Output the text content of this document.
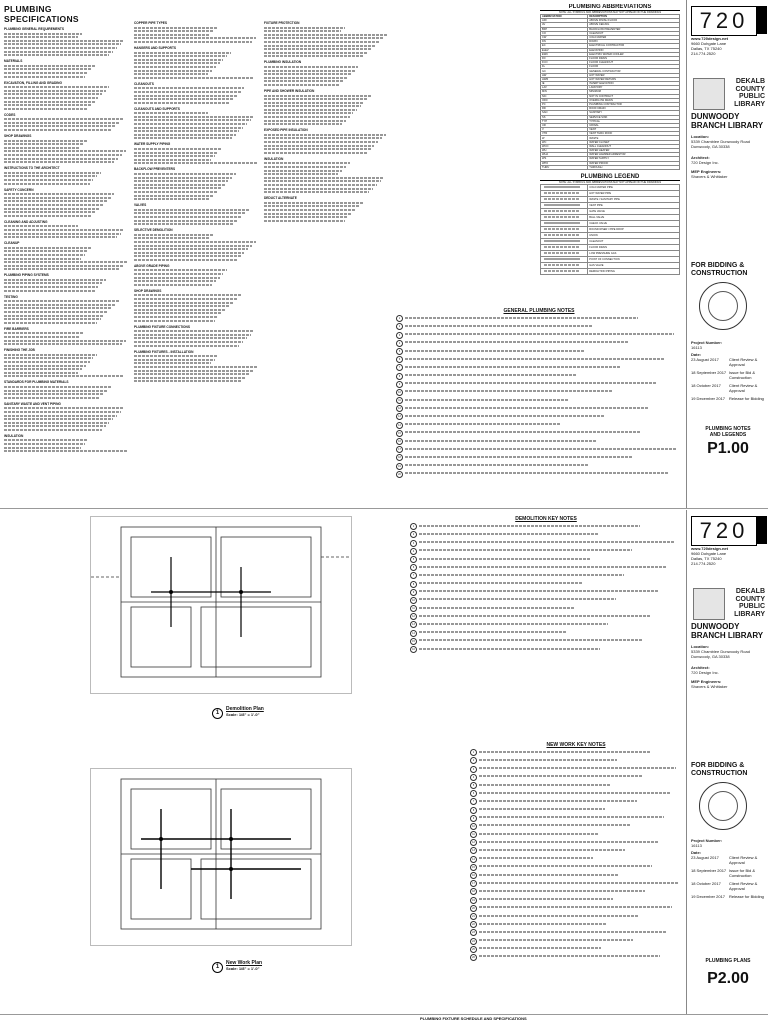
PLUMBING SPECIFICATIONS
PLUMBING GENERAL REQUIREMENTS
MATERIALS
EXCAVATION, FILLING AND GRADING
CODES
SHOP DRAWINGS
INSTRUCTIONS TO THE ARCHITECT
SAFETY CONCERN
CLEANING AND ADJUSTING
CLEANUP
PLUMBING PIPING SYSTEMS
TESTING
FIRE BARRIERS
FINISHING THE JOB
STANDARDS FOR PLUMBING MATERIALS
SANITARY WASTE AND VENT PIPING
INSULATION
COPPER PIPE TYPES
HANGERS AND SUPPORTS
CLEANOUTS
CLEANOUTS AND SUPPORTS
WATER SUPPLY PIPING
BACKFLOW PREVENTERS
VALVES
SELECTIVE DEMOLITION
ABOVE GRADE PIPING
SHOP DRAWINGS
PLUMBING FIXTURE CONNECTIONS
PLUMBING FIXTURES - INSTALLATION
FIXTURE PROTECTION
PLUMBING INSULATION
PIPE AND SHOWER INSULATION
EXPOSED PIPE INSULATION
INSULATION
DEDUCT ALTERNATE
PLUMBING ABBREVIATIONS
NOTE: ALL SYMBOLS AND ABBREVIATIONS MAY NOT APPEAR ON THE DRAWINGS
ABBREVIATION	DESCRIPTION
AFF	ABOVE FINISH FLOOR
AV	ABOVE CEILING
BFP	BACKFLOW PREVENTER
CO	CLEANOUT
CW	COLD WATER
DN	DOWN
EC	ELECTRICAL CONTRACTOR
ELEV	ELEVATION
EWC	ELECTRIC WATER COOLER
FD	FLOOR DRAIN
FCO	FLOOR CLEANOUT
FL	FLOOR
GC	GENERAL CONTRACTOR
HW	HOT WATER
HWR	HOT WATER RETURN
IE	INVERT ELEVATION
LAV	LAVATORY
MIN	MINIMUM
NIC	NOT IN CONTRACT
OFD	OVERFLOW DRAIN
PC	PLUMBING CONTRACTOR
RD	ROOF DRAIN
SAN	SANITARY
SS	SERVICE SINK
TYP	TYPICAL
UR	URINAL
V	VENT
VTR	VENT THRU ROOF
W	WASTE
WC	WATER CLOSET
WCO	WALL CLEANOUT
WH	WATER HEATER
WHA	WATER HAMMER ARRESTOR
WS	WATER SUPPLY
WPO	WATER PROOF
THRU	THROUGH
PLUMBING LEGEND
NOTE: ALL SYMBOLS AND ABBREVIATIONS MAY NOT APPEAR ON THE DRAWINGS
	COLD WATER PIPE
	HOT WATER PIPE
	WASTE / SANITARY PIPE
	VENT PIPE
	GATE VALVE
	BALL VALVE
	CHECK VALVE
	ROUND RISER / PIPE DROP
	UNION
	CLEANOUT
	FLOOR DRAIN
	LOW PRESSURE GAS
	POINT OF CONNECTION
	GAS VALVE
	DEMOLITION PIPING
GENERAL PLUMBING NOTES
1
2
3
4
5
6
7
8
9
10
11
12
13
14
15
16
17
18
19
20
720
www.720design.net
9660 Dohgate Lane
Dallas, TX 75240
214.774.2520
DEKALB
COUNTY
PUBLIC
LIBRARY
DUNWOODY
BRANCH LIBRARY
Location:
5339 Chamblee Dunwoody Road
Dunwoody, GA 30338
Architect:
720 Design Inc.
MEP Engineers:
Shavers & Whittaker
FOR BIDDING &
CONSTRUCTION
Project Number:
16113
Date:
23 August 2017	Client Review & Approval
18 September 2017 Issue for Bid & Construction
18 October 2017	Client Review & Approval
19 December 2017 Release for Bidding
PLUMBING NOTES
AND LEGENDS
P1.00
1
Demolition Plan
Scale: 1/8" = 1'-0"
DEMOLITION KEY NOTES
1
2
3
4
5
6
7
8
9
10
11
12
13
14
15
16
1
New Work Plan
Scale: 1/8" = 1'-0"
NEW WORK KEY NOTES
1
2
3
4
5
6
7
8
9
10
11
12
13
14
15
16
17
18
19
20
21
22
23
24
25
26
720
www.720design.net
9660 Dohgate Lane
Dallas, TX 75240
214.774.2520
DEKALB
COUNTY
PUBLIC
LIBRARY
DUNWOODY
BRANCH LIBRARY
Location:
5339 Chamblee Dunwoody Road
Dunwoody, GA 30338
Architect:
720 Design Inc.
MEP Engineers:
Shavers & Whittaker
FOR BIDDING &
CONSTRUCTION
Project Number:
16113
Date:
23 August 2017	Client Review & Approval
18 September 2017 Issue for Bid & Construction
18 October 2017	Client Review & Approval
19 December 2017 Release for Bidding
PLUMBING PLANS
P2.00
PLUMBING FIXTURE SCHEDULE AND SPECIFICATIONS
